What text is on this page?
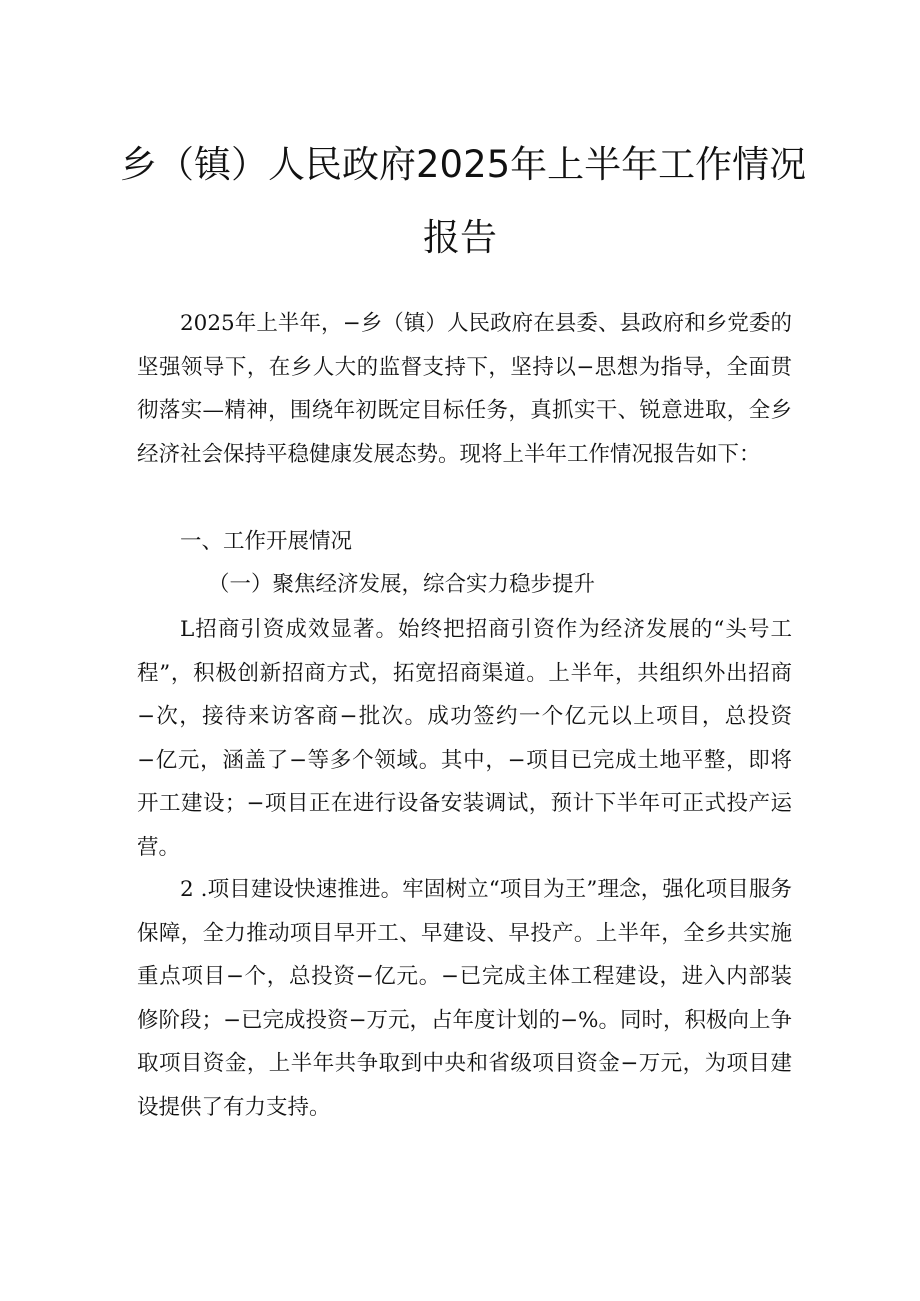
乡（镇）人民政府2025年上半年工作情况
报告

2025年上半年，−乡（镇）人民政府在县委、县政府和乡党委的坚强领导下，在乡人大的监督支持下，坚持以−思想为指导，全面贯彻落实—精神，围绕年初既定目标任务，真抓实干、锐意进取，全乡经济社会保持平稳健康发展态势。现将上半年工作情况报告如下：

一、工作开展情况

（一）聚焦经济发展，综合实力稳步提升

L招商引资成效显著。始终把招商引资作为经济发展的“头号工程”，积极创新招商方式，拓宽招商渠道。上半年，共组织外出招商−次，接待来访客商−批次。成功签约一个亿元以上项目，总投资−亿元，涵盖了−等多个领域。其中，−项目已完成土地平整，即将开工建设；−项目正在进行设备安装调试，预计下半年可正式投产运营。

2 .项目建设快速推进。牢固树立“项目为王”理念，强化项目服务保障，全力推动项目早开工、早建设、早投产。上半年，全乡共实施重点项目−个，总投资−亿元。−已完成主体工程建设，进入内部装修阶段；−已完成投资−万元，占年度计划的−%。同时，积极向上争取项目资金，上半年共争取到中央和省级项目资金−万元，为项目建设提供了有力支持。
